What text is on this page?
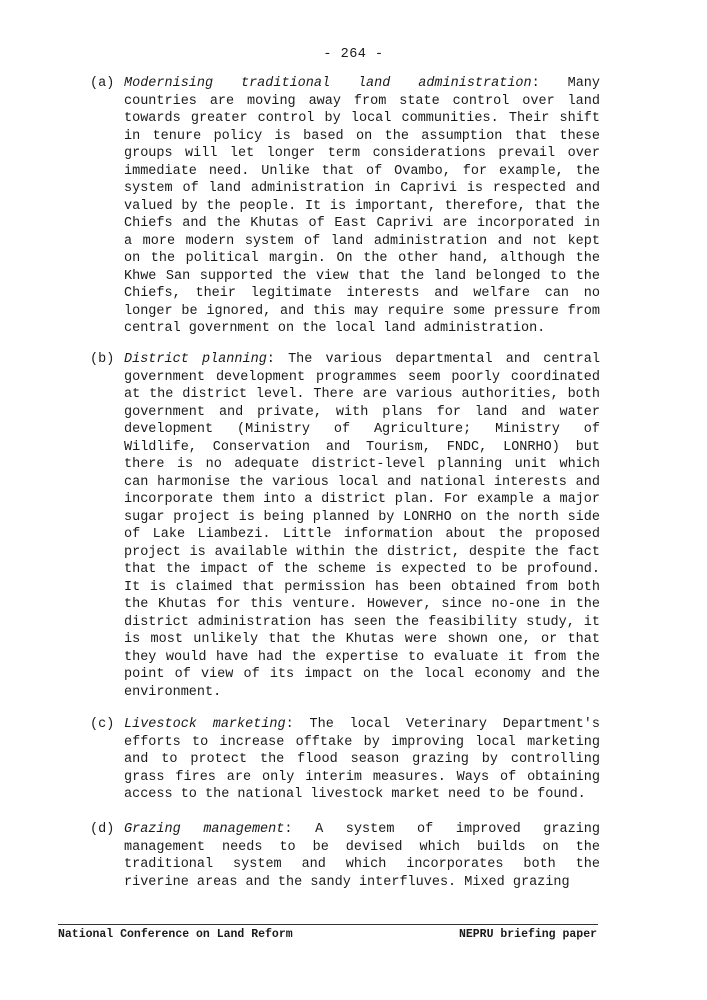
- 264 -
(a) Modernising traditional land administration: Many countries are moving away from state control over land towards greater control by local communities. Their shift in tenure policy is based on the assumption that these groups will let longer term considerations prevail over immediate need. Unlike that of Ovambo, for example, the system of land administration in Caprivi is respected and valued by the people. It is important, therefore, that the Chiefs and the Khutas of East Caprivi are incorporated in a more modern system of land administration and not kept on the political margin. On the other hand, although the Khwe San supported the view that the land belonged to the Chiefs, their legitimate interests and welfare can no longer be ignored, and this may require some pressure from central government on the local land administration.
(b) District planning: The various departmental and central government development programmes seem poorly coordinated at the district level. There are various authorities, both government and private, with plans for land and water development (Ministry of Agriculture; Ministry of Wildlife, Conservation and Tourism, FNDC, LONRHO) but there is no adequate district-level planning unit which can harmonise the various local and national interests and incorporate them into a district plan. For example a major sugar project is being planned by LONRHO on the north side of Lake Liambezi. Little information about the proposed project is available within the district, despite the fact that the impact of the scheme is expected to be profound. It is claimed that permission has been obtained from both the Khutas for this venture. However, since no-one in the district administration has seen the feasibility study, it is most unlikely that the Khutas were shown one, or that they would have had the expertise to evaluate it from the point of view of its impact on the local economy and the environment.
(c) Livestock marketing: The local Veterinary Department's efforts to increase offtake by improving local marketing and to protect the flood season grazing by controlling grass fires are only interim measures. Ways of obtaining access to the national livestock market need to be found.
(d) Grazing management: A system of improved grazing management needs to be devised which builds on the traditional system and which incorporates both the riverine areas and the sandy interfluves. Mixed grazing
National Conference on Land Reform	NEPRU briefing paper
